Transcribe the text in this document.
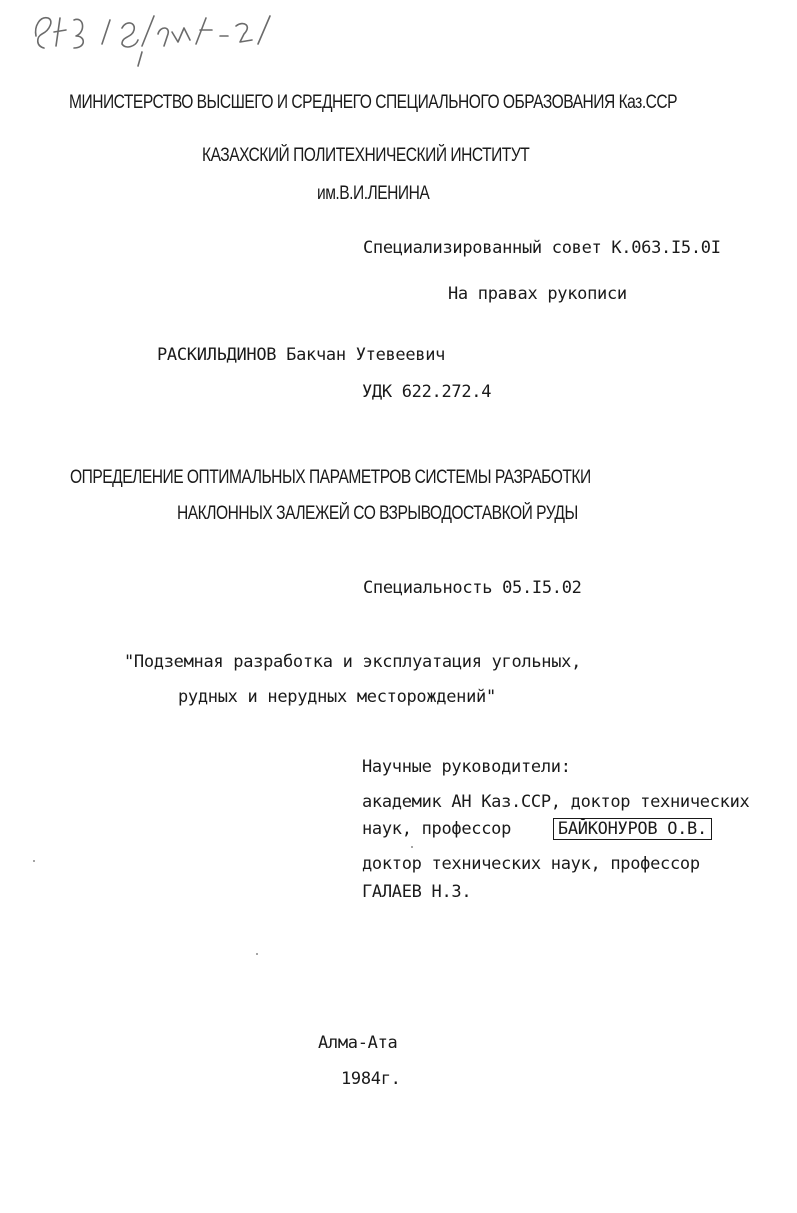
МИНИСТЕРСТВО ВЫСШЕГО И СРЕДНЕГО СПЕЦИАЛЬНОГО ОБРАЗОВАНИЯ Каз.ССР
КАЗАХСКИЙ ПОЛИТЕХНИЧЕСКИЙ ИНСТИТУТ
им.В.И.ЛЕНИНА
Специализированный совет К.063.I5.0I
На правах рукописи
РАСКИЛЬДИНОВ Бакчан Утевеевич
УДК 622.272.4
ОПРЕДЕЛЕНИЕ ОПТИМАЛЬНЫХ ПАРАМЕТРОВ СИСТЕМЫ РАЗРАБОТКИ
НАКЛОННЫХ ЗАЛЕЖЕЙ СО ВЗРЫВОДОСТАВКОЙ РУДЫ
Специальность 05.I5.02
"Подземная разработка и эксплуатация угольных,
рудных и нерудных месторождений"
Научные руководители:
академик АН Каз.ССР, доктор технических
наук, профессор	БАЙКОНУРОВ О.В.
доктор технических наук, профессор
ГАЛАЕВ Н.З.
Алма-Ата
1984г.
